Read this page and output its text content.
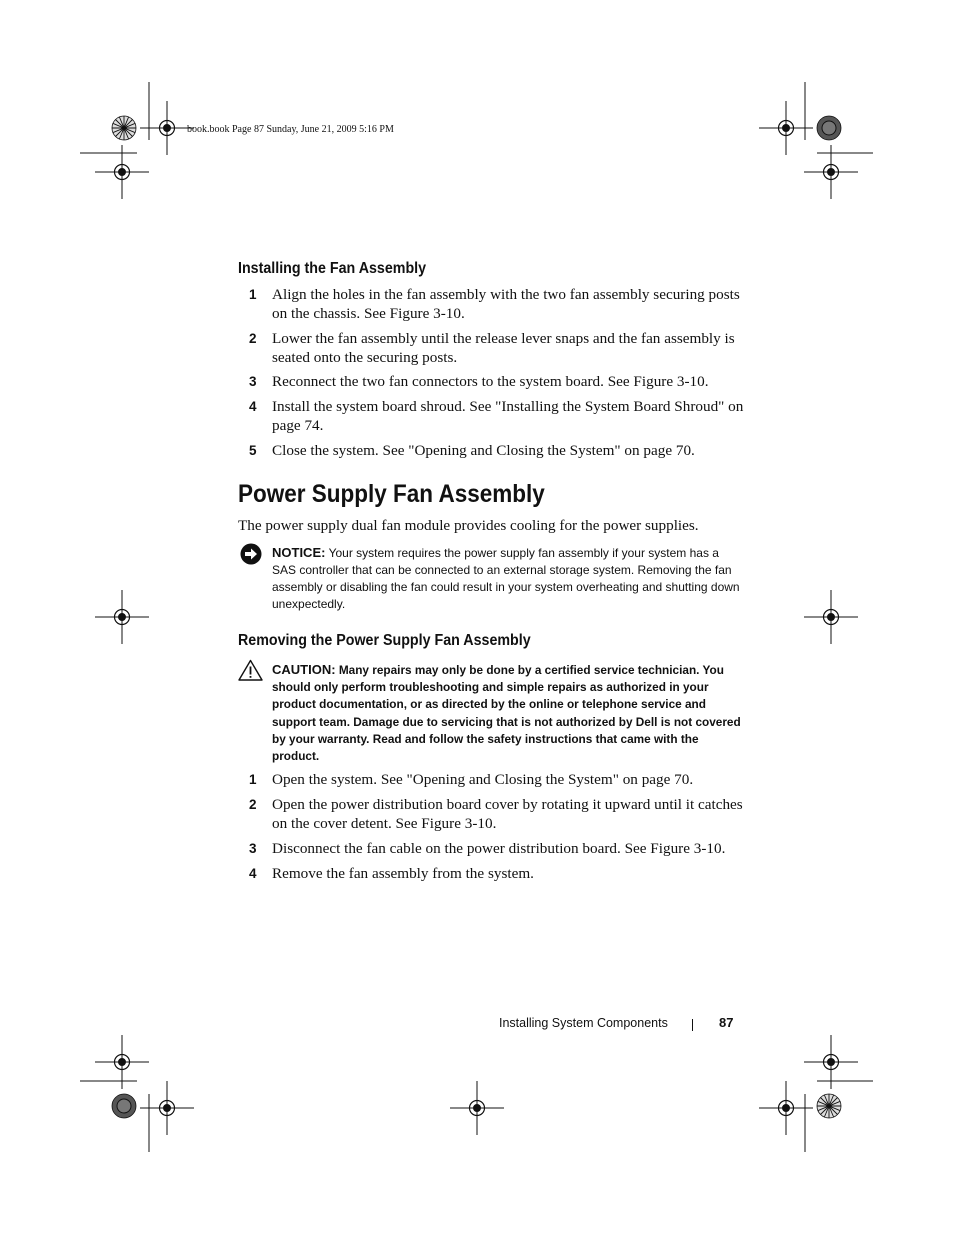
book.book Page 87 Sunday, June 21, 2009 5:16 PM
Installing the Fan Assembly
1 Align the holes in the fan assembly with the two fan assembly securing posts on the chassis. See Figure 3-10.
2 Lower the fan assembly until the release lever snaps and the fan assembly is seated onto the securing posts.
3 Reconnect the two fan connectors to the system board. See Figure 3-10.
4 Install the system board shroud. See "Installing the System Board Shroud" on page 74.
5 Close the system. See "Opening and Closing the System" on page 70.
Power Supply Fan Assembly
The power supply dual fan module provides cooling for the power supplies.
NOTICE: Your system requires the power supply fan assembly if your system has a SAS controller that can be connected to an external storage system. Removing the fan assembly or disabling the fan could result in your system overheating and shutting down unexpectedly.
Removing the Power Supply Fan Assembly
CAUTION: Many repairs may only be done by a certified service technician. You should only perform troubleshooting and simple repairs as authorized in your product documentation, or as directed by the online or telephone service and support team. Damage due to servicing that is not authorized by Dell is not covered by your warranty. Read and follow the safety instructions that came with the product.
1 Open the system. See "Opening and Closing the System" on page 70.
2 Open the power distribution board cover by rotating it upward until it catches on the cover detent. See Figure 3-10.
3 Disconnect the fan cable on the power distribution board. See Figure 3-10.
4 Remove the fan assembly from the system.
Installing System Components	87
